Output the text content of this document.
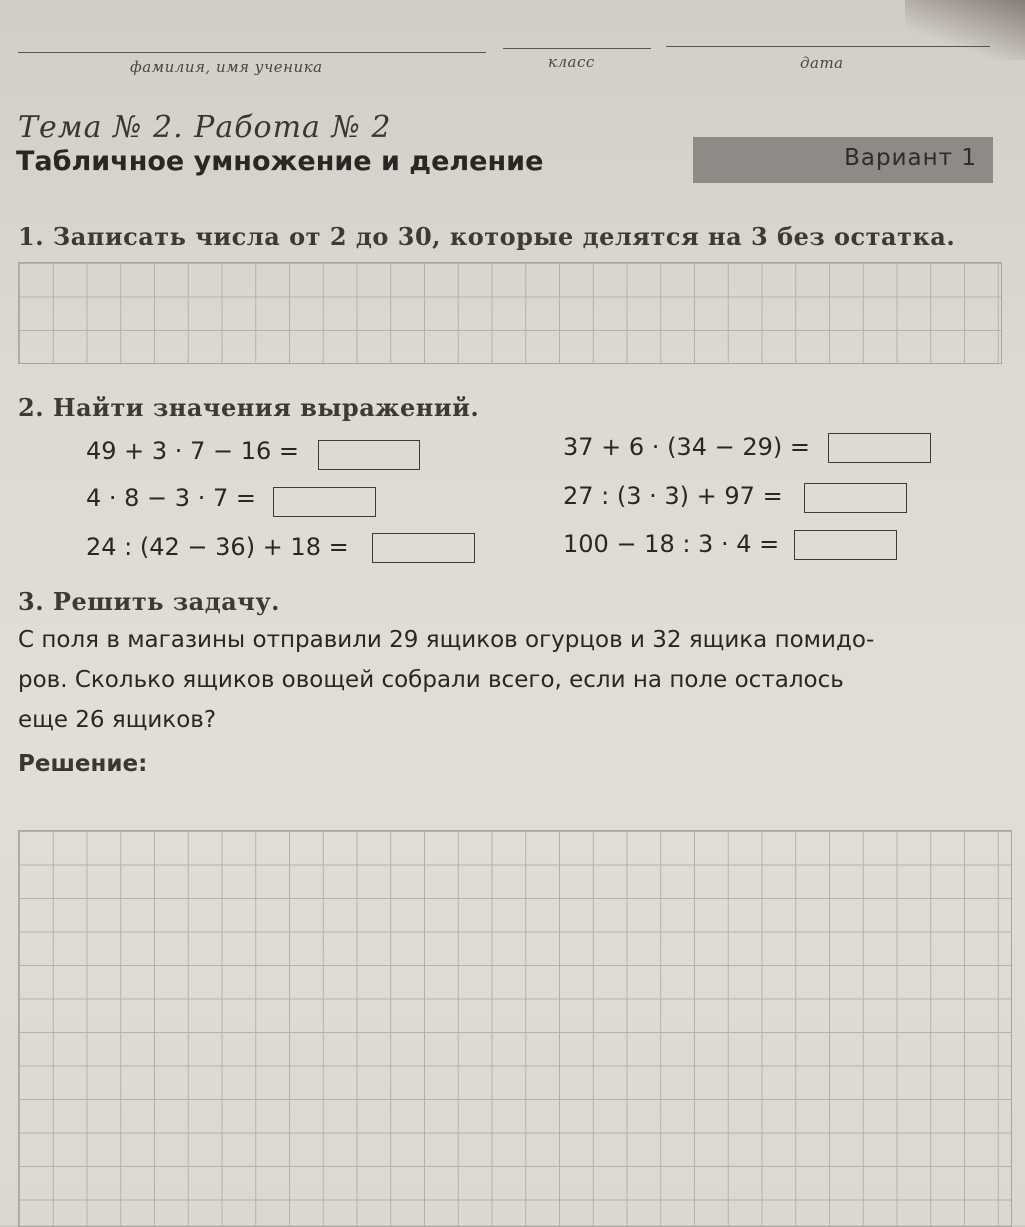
фамилия, имя ученика	класс	дата
Тема № 2. Работа № 2
Табличное умножение и деление	Вариант 1
1. Записать числа от 2 до 30, которые делятся на 3 без остатка.
2. Найти значения выражений.
49 + 3 · 7 − 16 =
4 · 8 − 3 · 7 =
24 : (42 − 36) + 18 =
37 + 6 · (34 − 29) =
27 : (3 · 3) + 97 =
100 − 18 : 3 · 4 =
3. Решить задачу.
С поля в магазины отправили 29 ящиков огурцов и 32 ящика помидо-
ров. Сколько ящиков овощей собрали всего, если на поле осталось
еще 26 ящиков?
Решение:
